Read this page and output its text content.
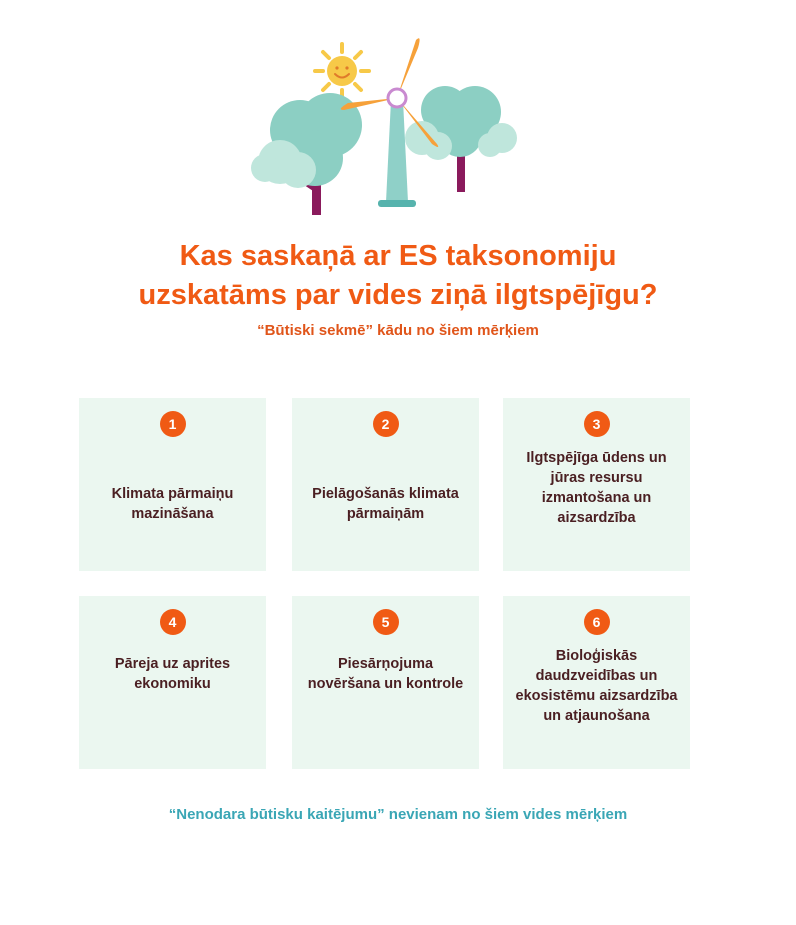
Kas saskaņā ar ES taksonomiju
uzskatāms par vides ziņā ilgtspējīgu?

“Būtiski sekmē” kādu no šiem mērķiem

1
Klimata pārmaiņu mazināšana
2
Pielāgošanās klimata pārmaiņām
3
Ilgtspējīga ūdens un jūras resursu izmantošana un aizsardzība
4
Pāreja uz aprites ekonomiku
5
Piesārņojuma novēršana un kontrole
6
Bioloģiskās daudzveidības un ekosistēmu aizsardzība un atjaunošana

“Nenodara būtisku kaitējumu” nevienam no šiem vides mērķiem
